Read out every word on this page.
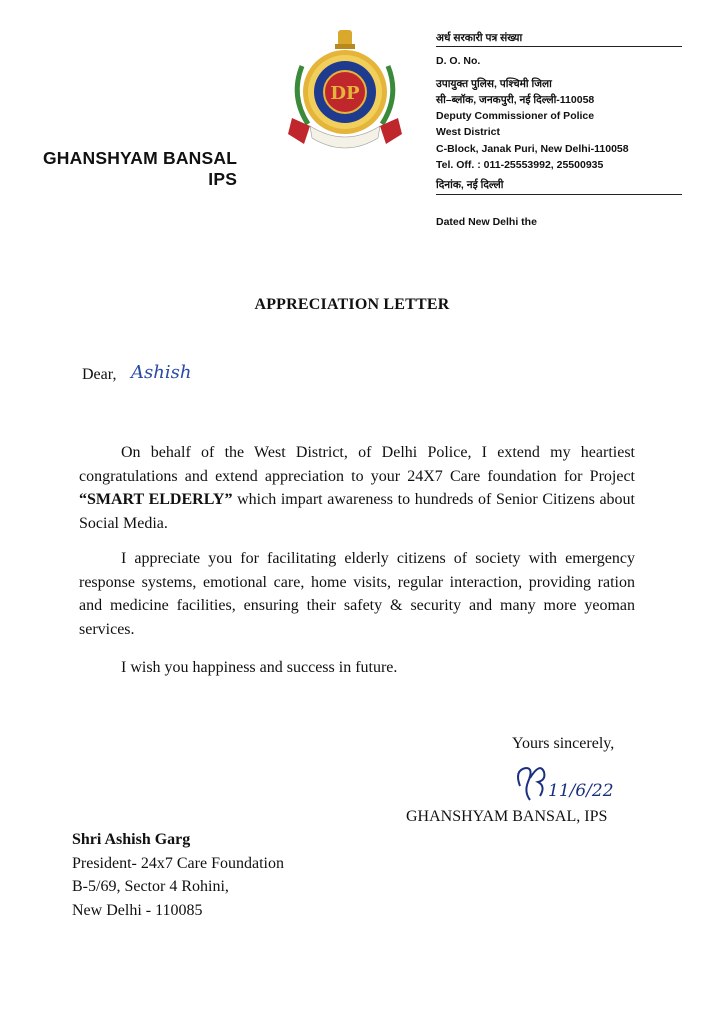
GHANSHYAM BANSAL
IPS
DP
अर्ध सरकारी पत्र संख्या
D. O. No.
उपायुक्त पुलिस, पश्चिमी जिला
सी–ब्लॉक, जनकपुरी, नई दिल्ली-110058
Deputy Commissioner of Police
West District
C-Block, Janak Puri, New Delhi-110058
Tel. Off. : 011-25553992, 25500935
दिनांक, नई दिल्ली
Dated New Delhi the
APPRECIATION LETTER
Dear, Ashish
On behalf of the West District, of Delhi Police, I extend my heartiest congratulations and extend appreciation to your 24X7 Care foundation for Project “SMART ELDERLY” which impart awareness to hundreds of Senior Citizens about Social Media.
I appreciate you for facilitating elderly citizens of society with emergency response systems, emotional care, home visits, regular interaction, providing ration and medicine facilities, ensuring their safety & security and many more yeoman services.
I wish you happiness and success in future.
Yours sincerely,
11/6/22
GHANSHYAM BANSAL, IPS
Shri Ashish Garg
President- 24x7 Care Foundation
B-5/69, Sector 4 Rohini,
New Delhi - 110085
